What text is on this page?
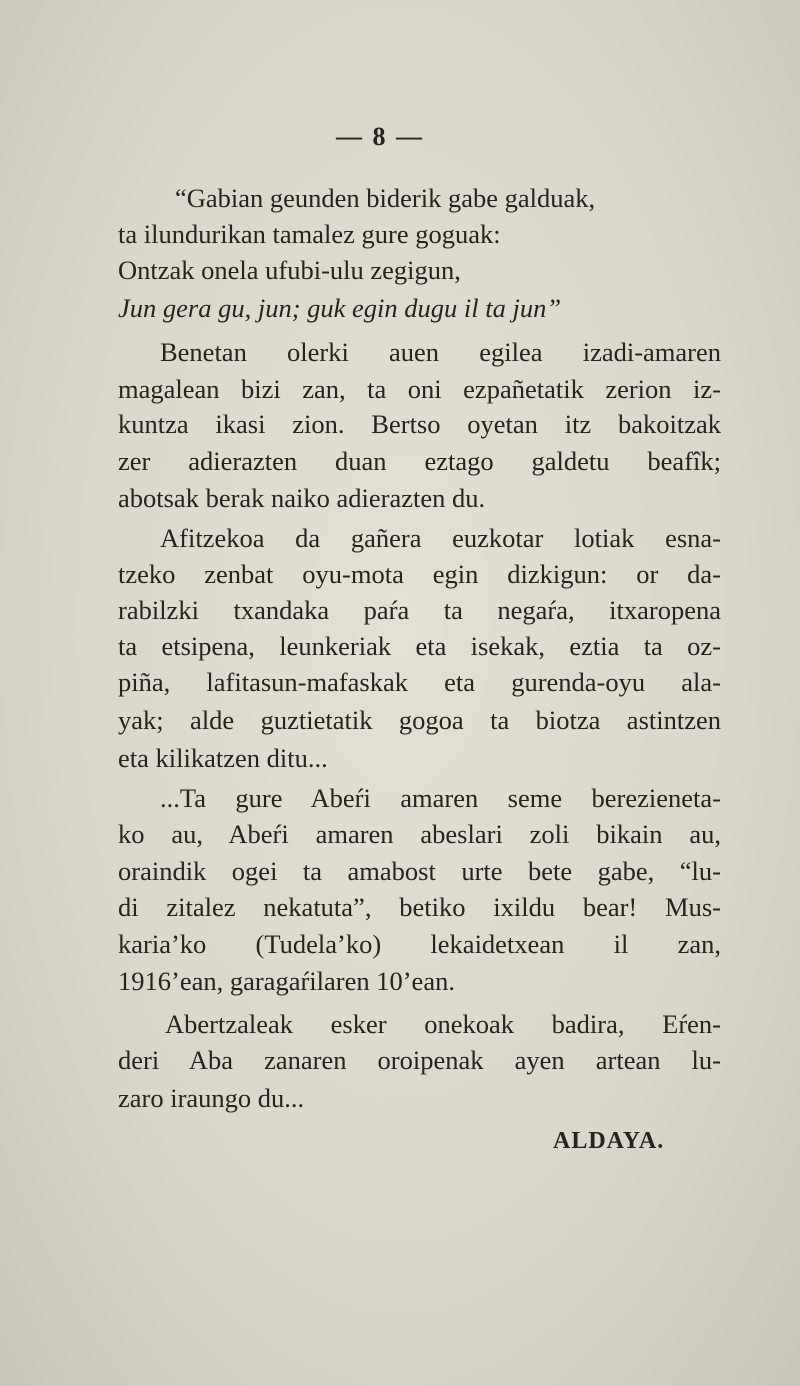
— 8 —
“Gabian geunden biderik gabe galduak,
ta ilundurikan tamalez gure goguak:
Ontzak onela ufubi-ulu zegigun,
Jun gera gu, jun; guk egin dugu il ta jun”
Benetan olerki auen egilea izadi-amaren
magalean bizi zan, ta oni ezpañetatik zerion iz-
kuntza ikasi zion. Bertso oyetan itz bakoitzak
zer adierazten duan eztago galdetu beafîk;
abotsak berak naiko adierazten du.
Afitzekoa da gañera euzkotar lotiak esna-
tzeko zenbat oyu-mota egin dizkigun: or da-
rabilzki txandaka paŕa ta negaŕa, itxaropena
ta etsipena, leunkeriak eta isekak, eztia ta oz-
piña, lafitasun-mafaskak eta gurenda-oyu ala-
yak; alde guztietatik gogoa ta biotza astintzen
eta kilikatzen ditu...
...Ta gure Abeŕi amaren seme berezieneta-
ko au, Abeŕi amaren abeslari zoli bikain au,
oraindik ogei ta amabost urte bete gabe, “lu-
di zitalez nekatuta”, betiko ixildu bear! Mus-
karia’ko (Tudela’ko) lekaidetxean il zan,
1916’ean, garagaŕilaren 10’ean.
Abertzaleak esker onekoak badira, Eŕen-
deri Aba zanaren oroipenak ayen artean lu-
zaro iraungo du...
ALDAYA.
